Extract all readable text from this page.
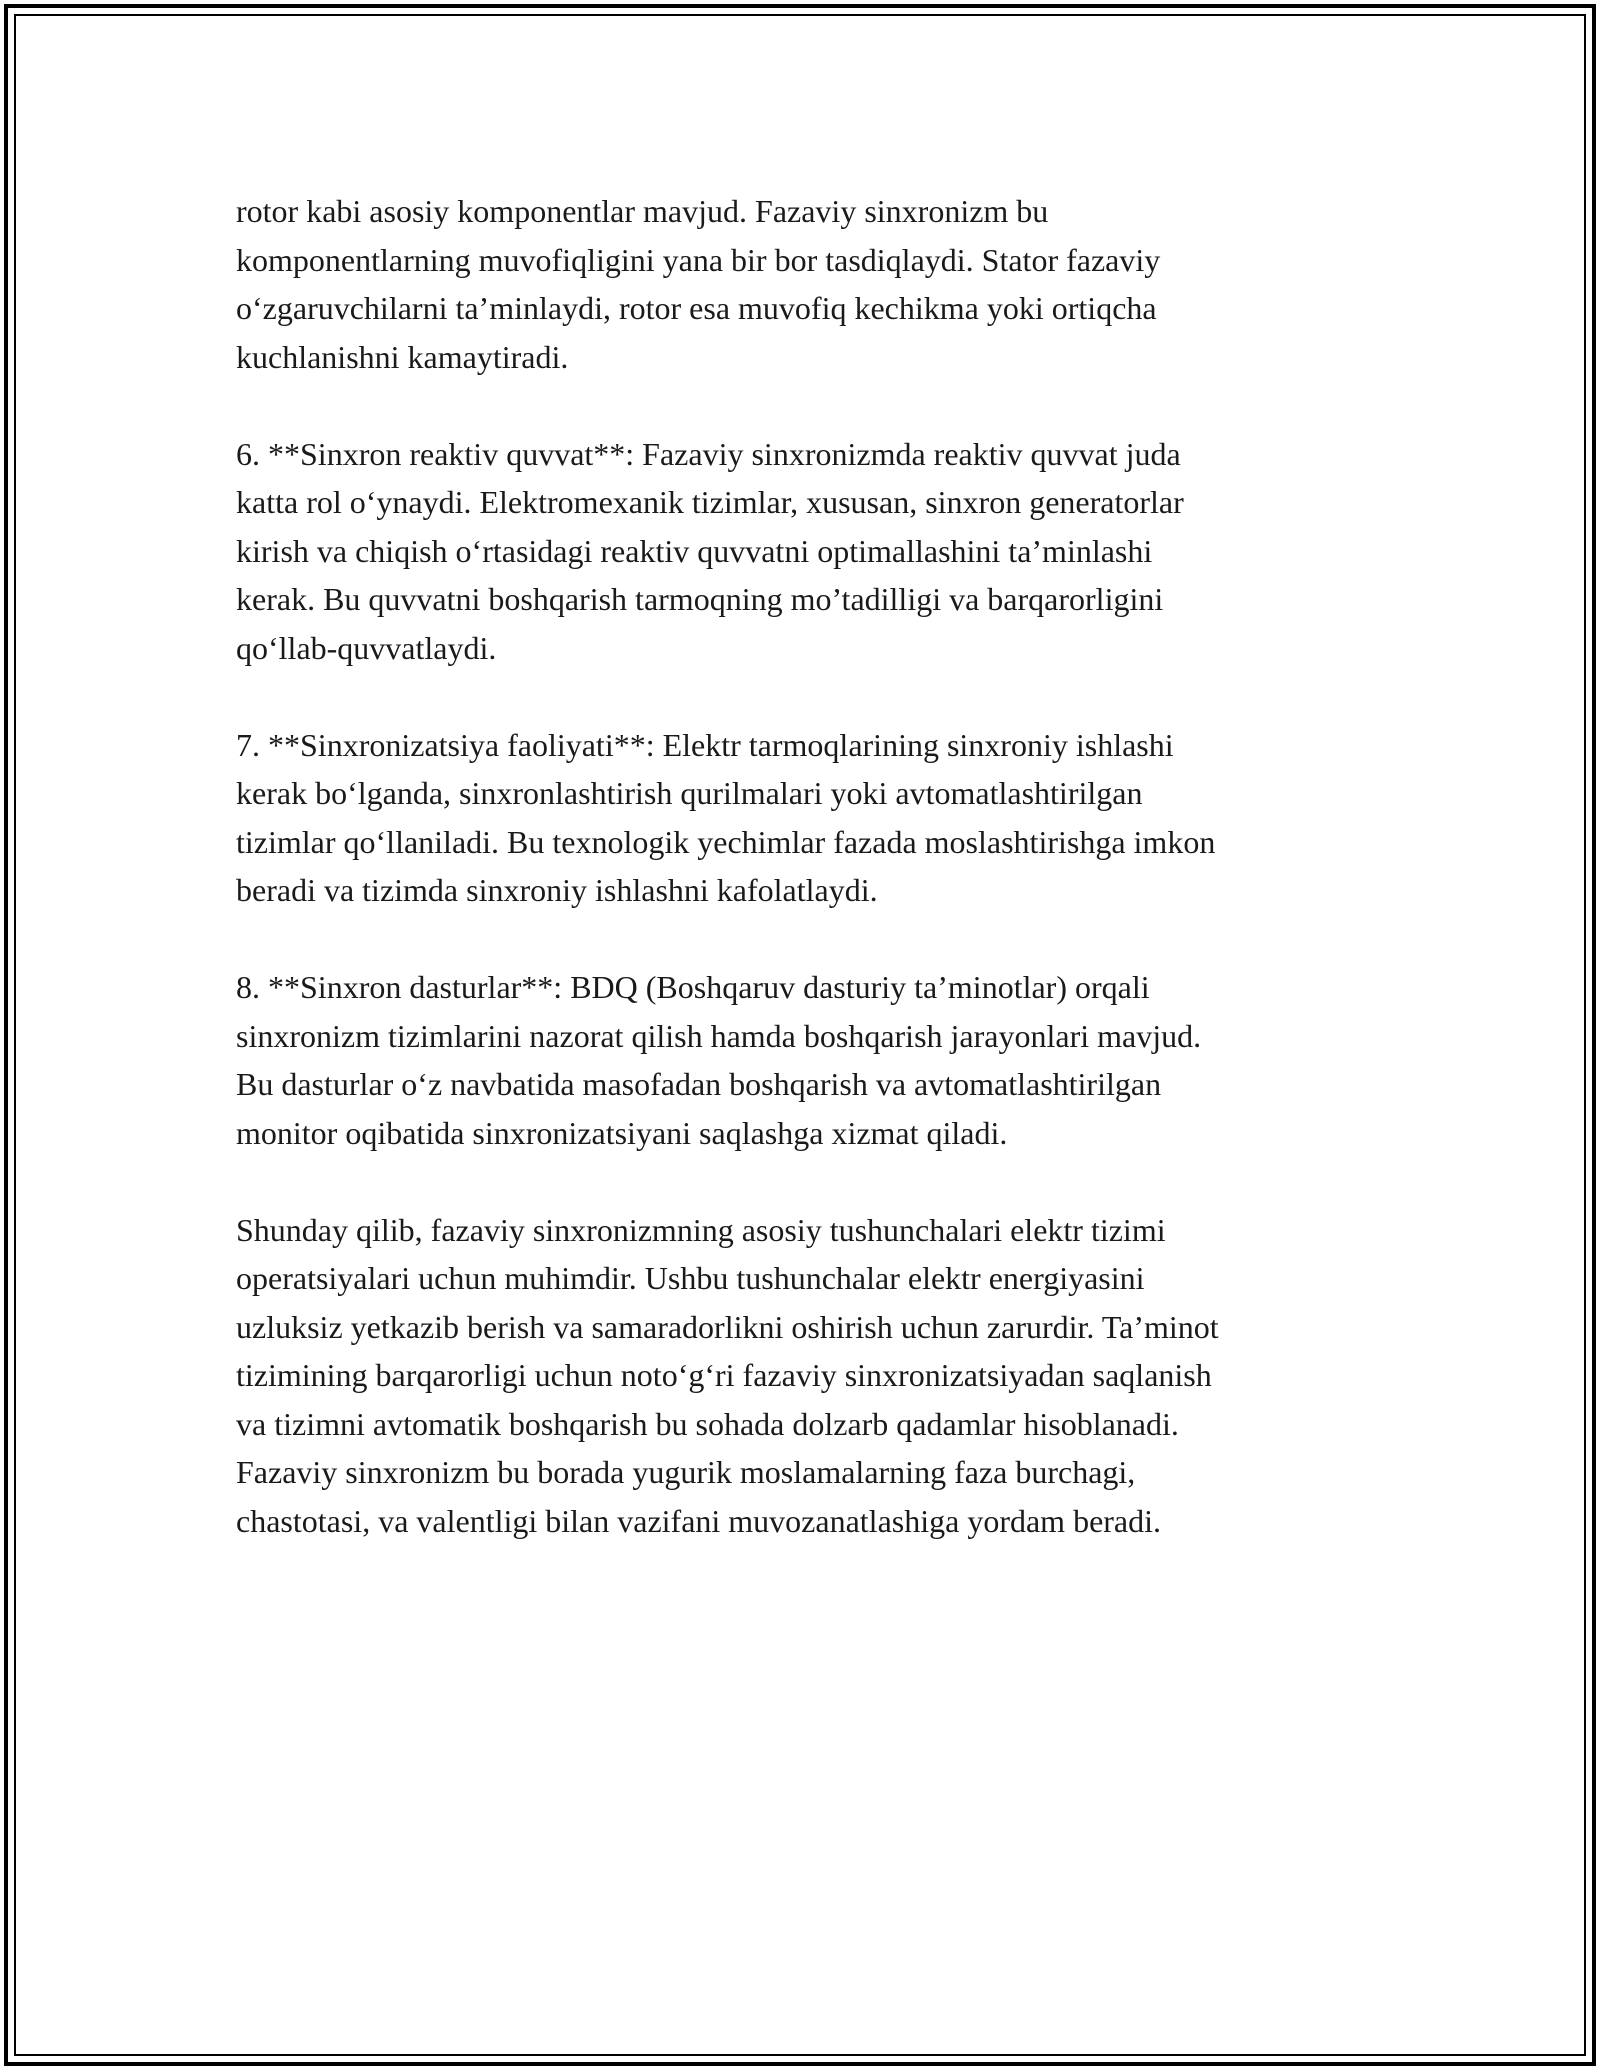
rotor kabi asosiy komponentlar mavjud. Fazaviy sinxronizm bu
komponentlarning muvofiqligini yana bir bor tasdiqlaydi. Stator fazaviy
o‘zgaruvchilarni ta’minlaydi, rotor esa muvofiq kechikma yoki ortiqcha
kuchlanishni kamaytiradi.

6. **Sinxron reaktiv quvvat**: Fazaviy sinxronizmda reaktiv quvvat juda
katta rol o‘ynaydi. Elektromexanik tizimlar, xususan, sinxron generatorlar
kirish va chiqish o‘rtasidagi reaktiv quvvatni optimallashini ta’minlashi
kerak. Bu quvvatni boshqarish tarmoqning mo’tadilligi va barqarorligini
qo‘llab-quvvatlaydi.

7. **Sinxronizatsiya faoliyati**: Elektr tarmoqlarining sinxroniy ishlashi
kerak bo‘lganda, sinxronlashtirish qurilmalari yoki avtomatlashtirilgan
tizimlar qo‘llaniladi. Bu texnologik yechimlar fazada moslashtirishga imkon
beradi va tizimda sinxroniy ishlashni kafolatlaydi.

8. **Sinxron dasturlar**: BDQ (Boshqaruv dasturiy ta’minotlar) orqali
sinxronizm tizimlarini nazorat qilish hamda boshqarish jarayonlari mavjud.
Bu dasturlar o‘z navbatida masofadan boshqarish va avtomatlashtirilgan
monitor oqibatida sinxronizatsiyani saqlashga xizmat qiladi.

Shunday qilib, fazaviy sinxronizmning asosiy tushunchalari elektr tizimi
operatsiyalari uchun muhimdir. Ushbu tushunchalar elektr energiyasini
uzluksiz yetkazib berish va samaradorlikni oshirish uchun zarurdir. Ta’minot
tizimining barqarorligi uchun noto‘g‘ri fazaviy sinxronizatsiyadan saqlanish
va tizimni avtomatik boshqarish bu sohada dolzarb qadamlar hisoblanadi.
Fazaviy sinxronizm bu borada yugurik moslamalarning faza burchagi,
chastotasi, va valentligi bilan vazifani muvozanatlashiga yordam beradi.
